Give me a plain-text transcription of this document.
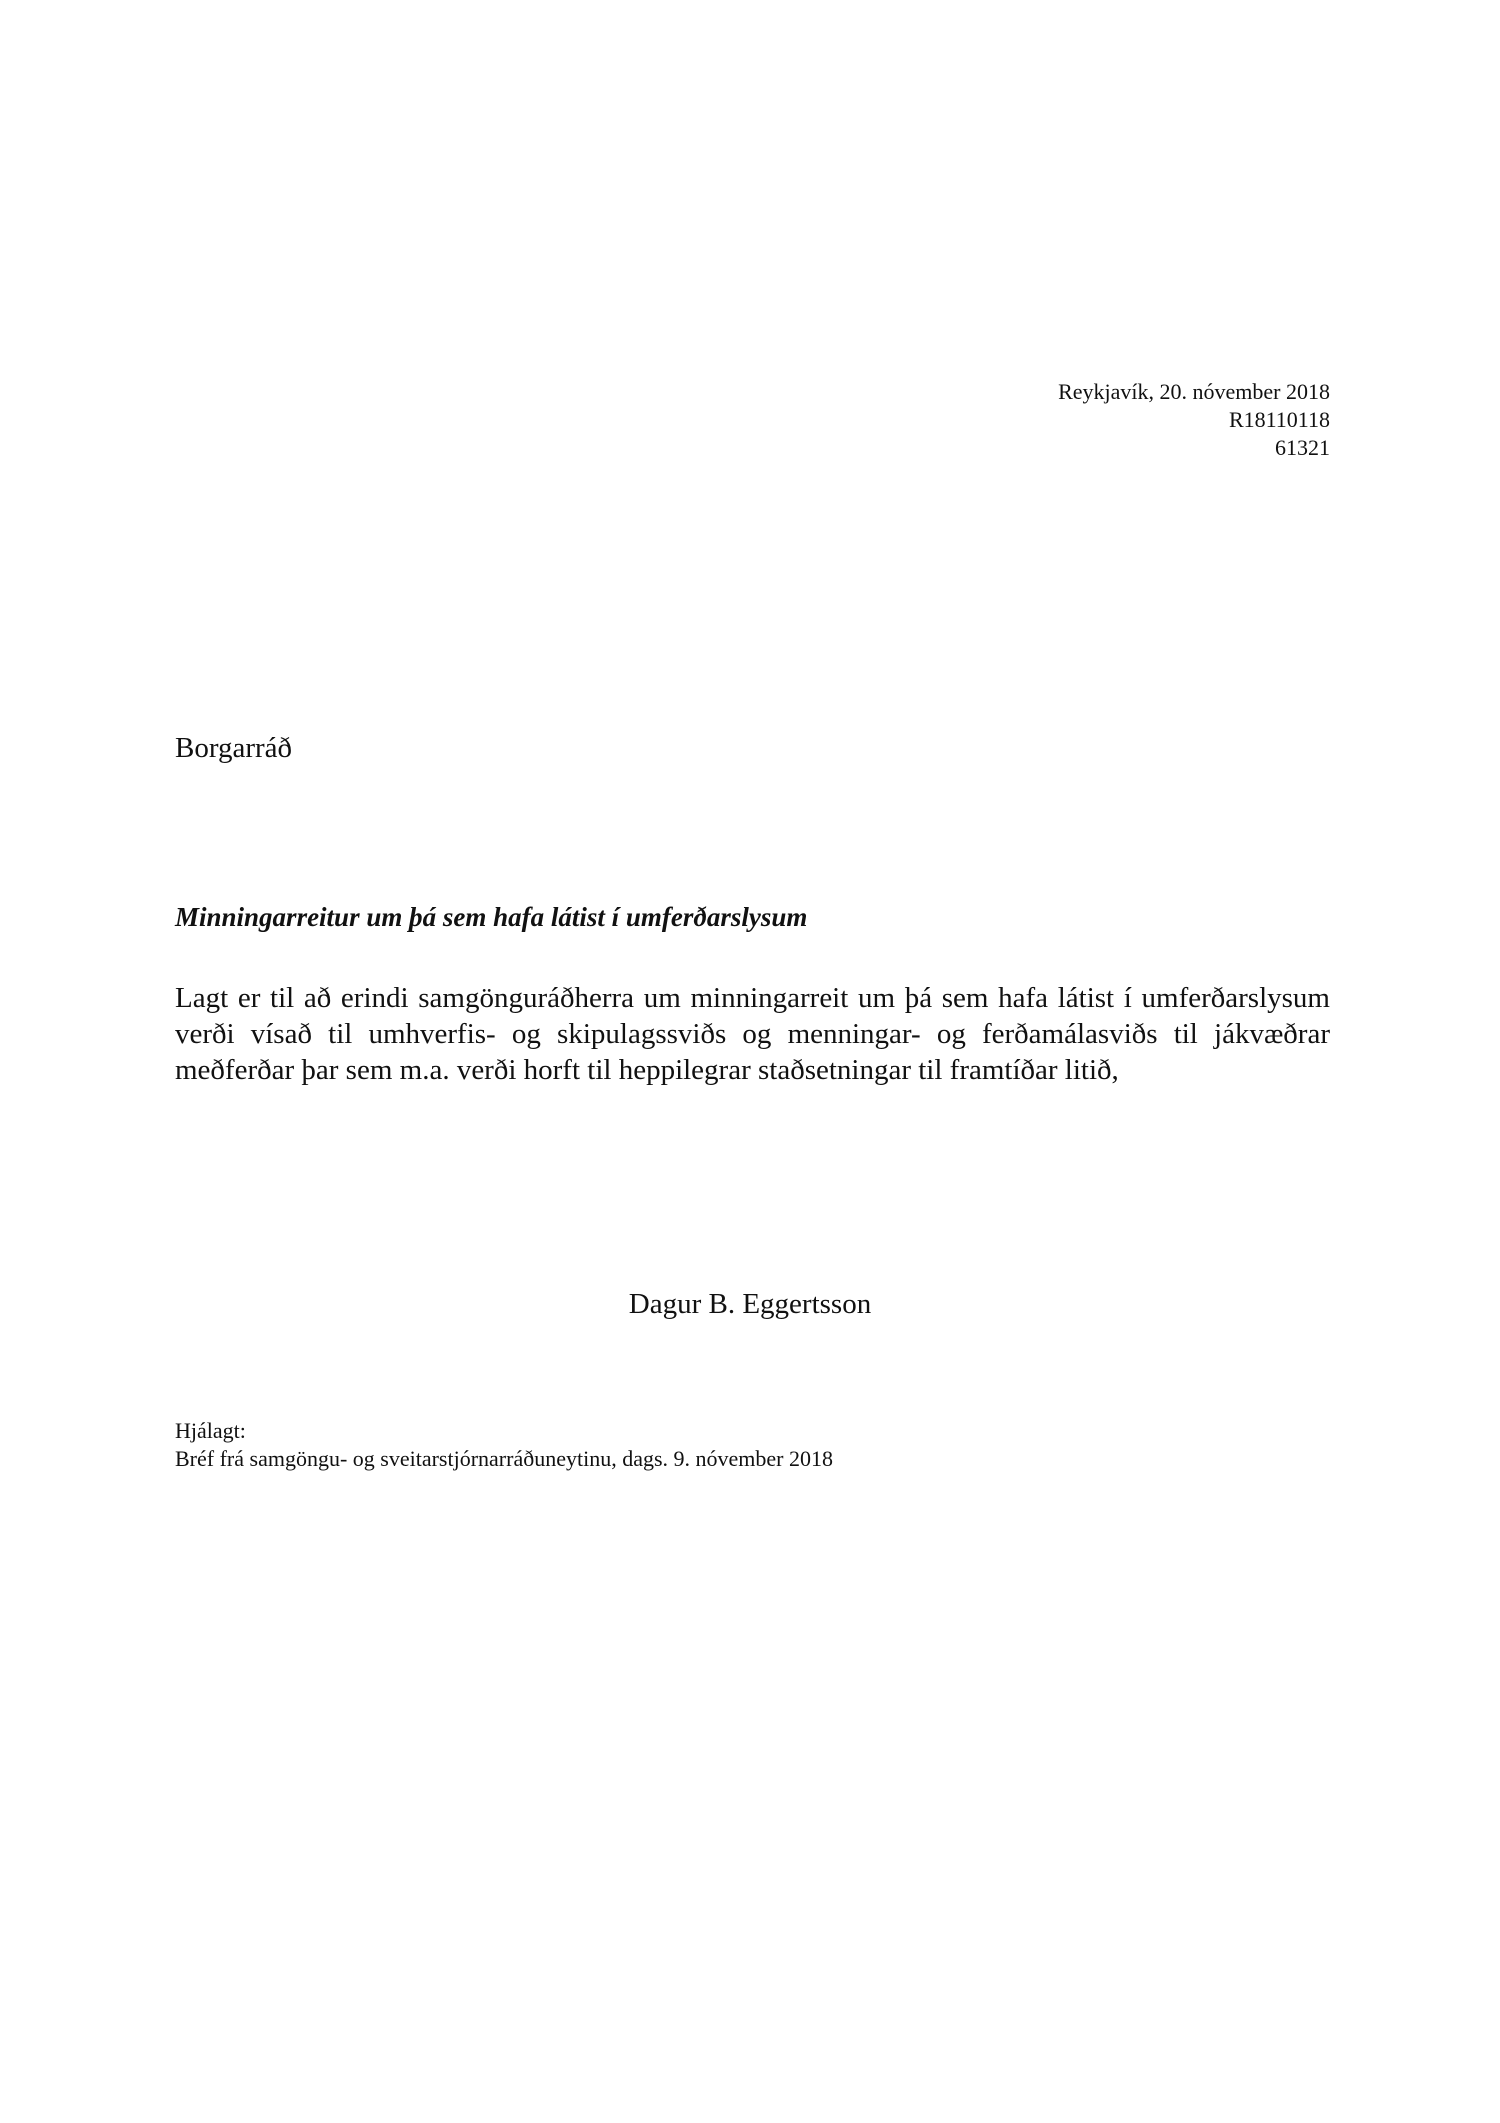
Reykjavík, 20. nóvember 2018
R18110118
61321
Borgarráð
Minningarreitur um þá sem hafa látist í umferðarslysum
Lagt er til að erindi samgönguráðherra um minningarreit um þá sem hafa látist í umferðarslysum verði vísað til umhverfis- og skipulagssviðs og menningar- og ferðamálasviðs til jákvæðrar meðferðar þar sem m.a. verði horft til heppilegrar staðsetningar til framtíðar litið,
Dagur B. Eggertsson
Hjálagt:
Bréf frá samgöngu- og sveitarstjórnarráðuneytinu, dags. 9. nóvember 2018
